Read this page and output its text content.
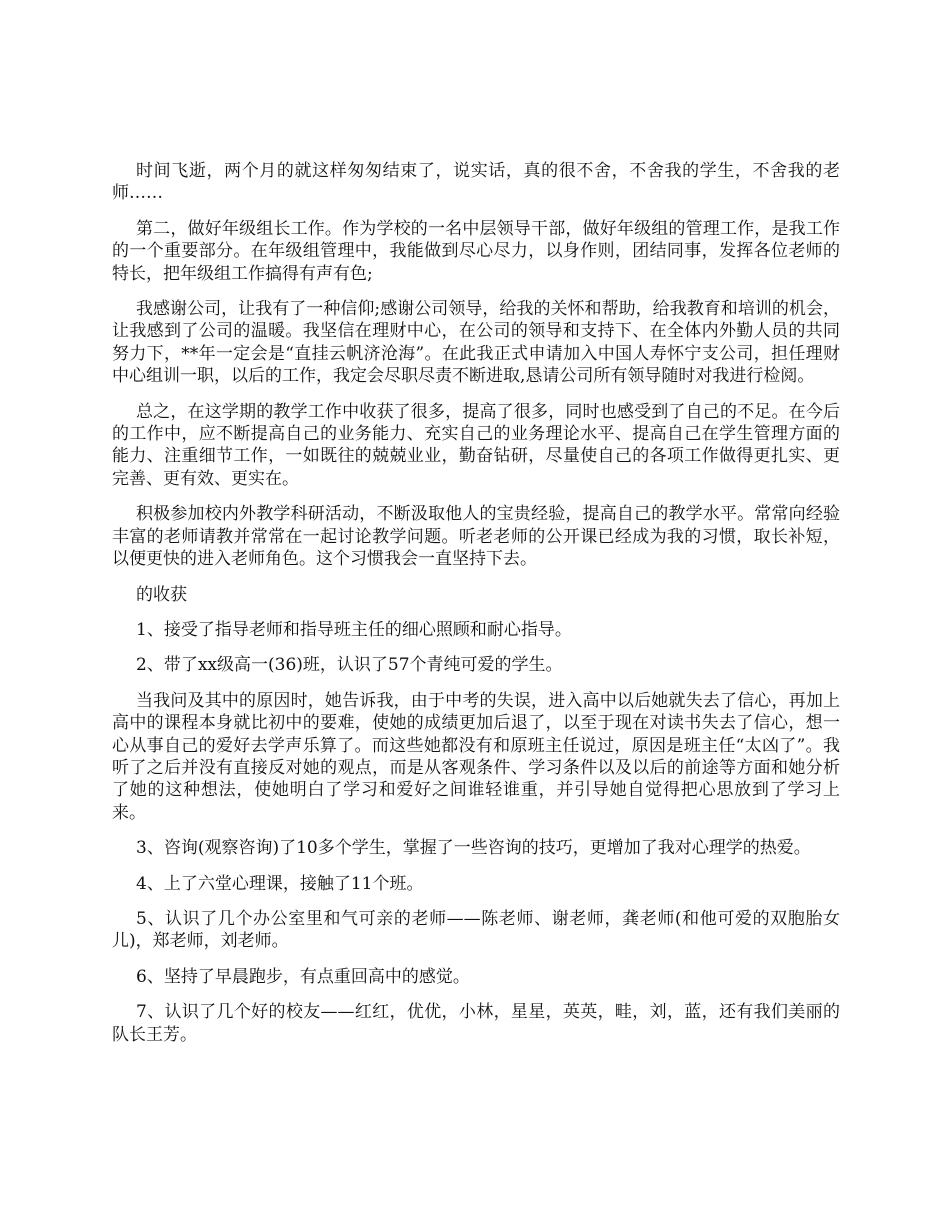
时间飞逝，两个月的就这样匆匆结束了，说实话，真的很不舍，不舍我的学生，不舍我的老师……

第二，做好年级组长工作。作为学校的一名中层领导干部，做好年级组的管理工作，是我工作的一个重要部分。在年级组管理中，我能做到尽心尽力，以身作则，团结同事，发挥各位老师的特长，把年级组工作搞得有声有色;

我感谢公司，让我有了一种信仰;感谢公司领导，给我的关怀和帮助，给我教育和培训的机会，让我感到了公司的温暖。我坚信在理财中心，在公司的领导和支持下、在全体内外勤人员的共同努力下，**年一定会是“直挂云帆济沧海”。在此我正式申请加入中国人寿怀宁支公司，担任理财中心组训一职，以后的工作，我定会尽职尽责不断进取,恳请公司所有领导随时对我进行检阅。

总之，在这学期的教学工作中收获了很多，提高了很多，同时也感受到了自己的不足。在今后的工作中，应不断提高自己的业务能力、充实自己的业务理论水平、提高自己在学生管理方面的能力、注重细节工作，一如既往的兢兢业业，勤奋钻研，尽量使自己的各项工作做得更扎实、更完善、更有效、更实在。

积极参加校内外教学科研活动，不断汲取他人的宝贵经验，提高自己的教学水平。常常向经验丰富的老师请教并常常在一起讨论教学问题。听老老师的公开课已经成为我的习惯，取长补短，以便更快的进入老师角色。这个习惯我会一直坚持下去。

的收获

1、接受了指导老师和指导班主任的细心照顾和耐心指导。

2、带了xx级高一(36)班，认识了57个青纯可爱的学生。

当我问及其中的原因时，她告诉我，由于中考的失误，进入高中以后她就失去了信心，再加上高中的课程本身就比初中的要难，使她的成绩更加后退了，以至于现在对读书失去了信心，想一心从事自己的爱好去学声乐算了。而这些她都没有和原班主任说过，原因是班主任“太凶了”。我听了之后并没有直接反对她的观点，而是从客观条件、学习条件以及以后的前途等方面和她分析了她的这种想法，使她明白了学习和爱好之间谁轻谁重，并引导她自觉得把心思放到了学习上来。

3、咨询(观察咨询)了10多个学生，掌握了一些咨询的技巧，更增加了我对心理学的热爱。

4、上了六堂心理课，接触了11个班。

5、认识了几个办公室里和气可亲的老师——陈老师、谢老师，龚老师(和他可爱的双胞胎女儿)，郑老师，刘老师。

6、坚持了早晨跑步，有点重回高中的感觉。

7、认识了几个好的校友——红红，优优，小林，星星，英英，畦，刘，蓝，还有我们美丽的队长王芳。
